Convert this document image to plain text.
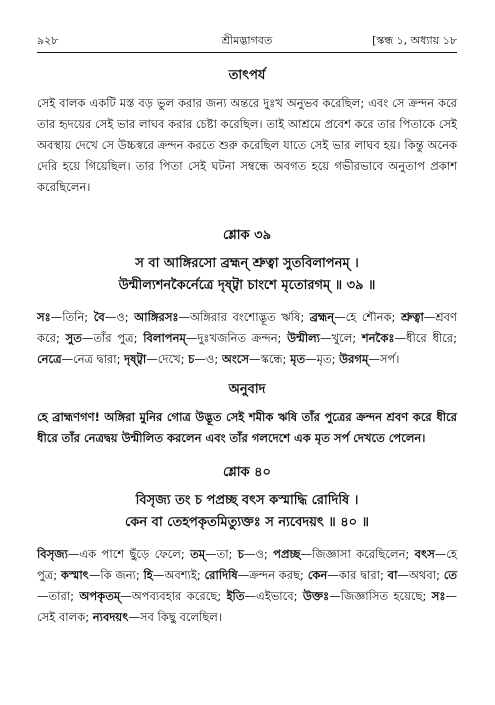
৯২৮	শ্রীমদ্ভাগবত	[স্কন্ধ ১, অধ্যায় ১৮

তাৎপর্য

সেই বালক একটি মস্ত বড় ভুল করার জন্য অন্তরে দুঃখ অনুভব করেছিল; এবং সে ক্রন্দন করে তার হৃদয়ের সেই ভার লাঘব করার চেষ্টা করেছিল। তাই আশ্রমে প্রবেশ করে তার পিতাকে সেই অবস্থায় দেখে সে উচ্চস্বরে ক্রন্দন করতে শুরু করেছিল যাতে সেই ভার লাঘব হয়। কিন্তু অনেক দেরি হয়ে গিয়েছিল। তার পিতা সেই ঘটনা সম্বন্ধে অবগত হয়ে গভীরভাবে অনুতাপ প্রকাশ করেছিলেন।

শ্লোক ৩৯

স বা আঙ্গিরসো ব্রহ্মন্ শ্রুত্বা সুতবিলাপনম্ ।

উন্মীল্যশনকৈর্নেত্রে দৃষ্ট্বা চাংশে মৃতোরগম্ ॥ ৩৯ ॥

সঃ—তিনি; বৈ—ও; আঙ্গিরসঃ—অঙ্গিরার বংশোদ্ভূত ঋষি; ব্রহ্মন্—হে শৌনক; শ্রুত্বা—শ্রবণ করে; সুত—তাঁর পুত্র; বিলাপনম্—দুঃখজনিত ক্রন্দন; উন্মীল্য—খুলে; শনকৈঃ—ধীরে ধীরে; নেত্রে—নেত্র দ্বারা; দৃষ্ট্বা—দেখে; চ—ও; অংসে—স্কন্ধে; মৃত—মৃত; উরগম্—সর্প।

অনুবাদ

হে ব্রাহ্মণগণ! অঙ্গিরা মুনির গোত্র উদ্ভূত সেই শমীক ঋষি তাঁর পুত্রের ক্রন্দন শ্রবণ করে ধীরে ধীরে তাঁর নেত্রদ্বয় উন্মীলিত করলেন এবং তাঁর গলদেশে এক মৃত সর্প দেখতে পেলেন।

শ্লোক ৪০

বিসৃজ্য তং চ পপ্রচ্ছ বৎস কস্মাদ্ধি রোদিষি ।

কেন বা তেহপকৃতমিত্যুক্তঃ স ন্যবেদয়ৎ ॥ ৪০ ॥

বিসৃজ্য—এক পাশে ছুঁড়ে ফেলে; তম্—তা; চ—ও; পপ্রচ্ছ—জিজ্ঞাসা করেছিলেন; বৎস—হে পুত্র; কস্মাৎ—কি জন্য; হি—অবশ্যই; রোদিষি—ক্রন্দন করছ; কেন—কার দ্বারা; বা—অথবা; তে—তারা; অপকৃতম্—অপব্যবহার করেছে; ইতি—এইভাবে; উক্তঃ—জিজ্ঞাসিত হয়েছে; সঃ—সেই বালক; ন্যবদয়ৎ—সব কিছু বলেছিল।
